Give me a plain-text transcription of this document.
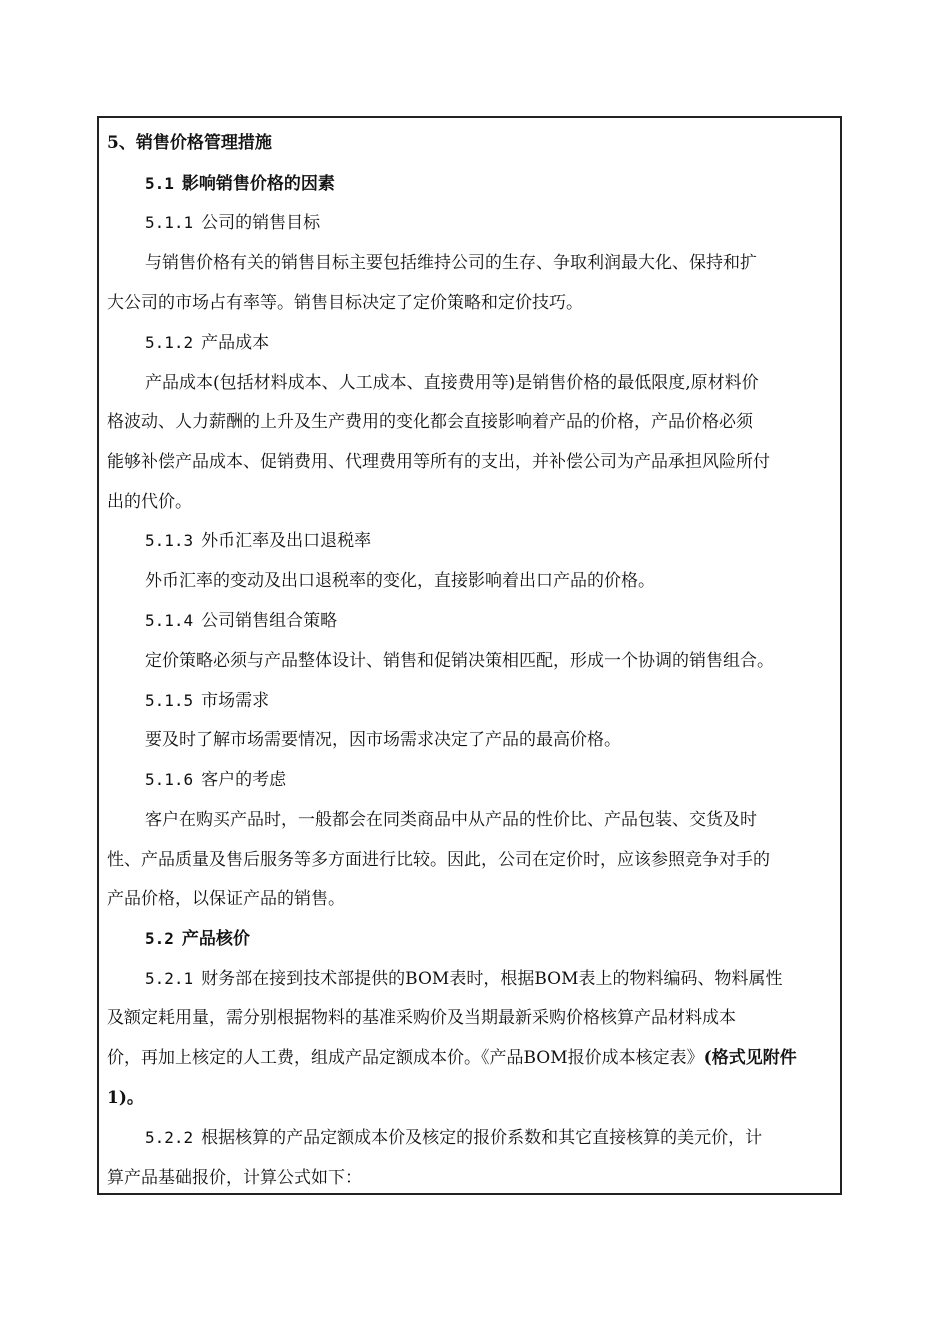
5、销售价格管理措施
5.1 影响销售价格的因素
5.1.1 公司的销售目标
与销售价格有关的销售目标主要包括维持公司的生存、争取利润最大化、保持和扩
大公司的市场占有率等。销售目标决定了定价策略和定价技巧。
5.1.2 产品成本
产品成本(包括材料成本、人工成本、直接费用等)是销售价格的最低限度,原材料价
格波动、人力薪酬的上升及生产费用的变化都会直接影响着产品的价格，产品价格必须
能够补偿产品成本、促销费用、代理费用等所有的支出，并补偿公司为产品承担风险所付
出的代价。
5.1.3 外币汇率及出口退税率
外币汇率的变动及出口退税率的变化，直接影响着出口产品的价格。
5.1.4 公司销售组合策略
定价策略必须与产品整体设计、销售和促销决策相匹配，形成一个协调的销售组合。
5.1.5 市场需求
要及时了解市场需要情况，因市场需求决定了产品的最高价格。
5.1.6 客户的考虑
客户在购买产品时，一般都会在同类商品中从产品的性价比、产品包装、交货及时
性、产品质量及售后服务等多方面进行比较。因此，公司在定价时，应该参照竞争对手的
产品价格，以保证产品的销售。
5.2 产品核价
5.2.1 财务部在接到技术部提供的BOM表时，根据BOM表上的物料编码、物料属性
及额定耗用量，需分别根据物料的基准采购价及当期最新采购价格核算产品材料成本
价，再加上核定的人工费，组成产品定额成本价。《产品BOM报价成本核定表》(格式见附件
1)。
5.2.2 根据核算的产品定额成本价及核定的报价系数和其它直接核算的美元价，计
算产品基础报价，计算公式如下：
